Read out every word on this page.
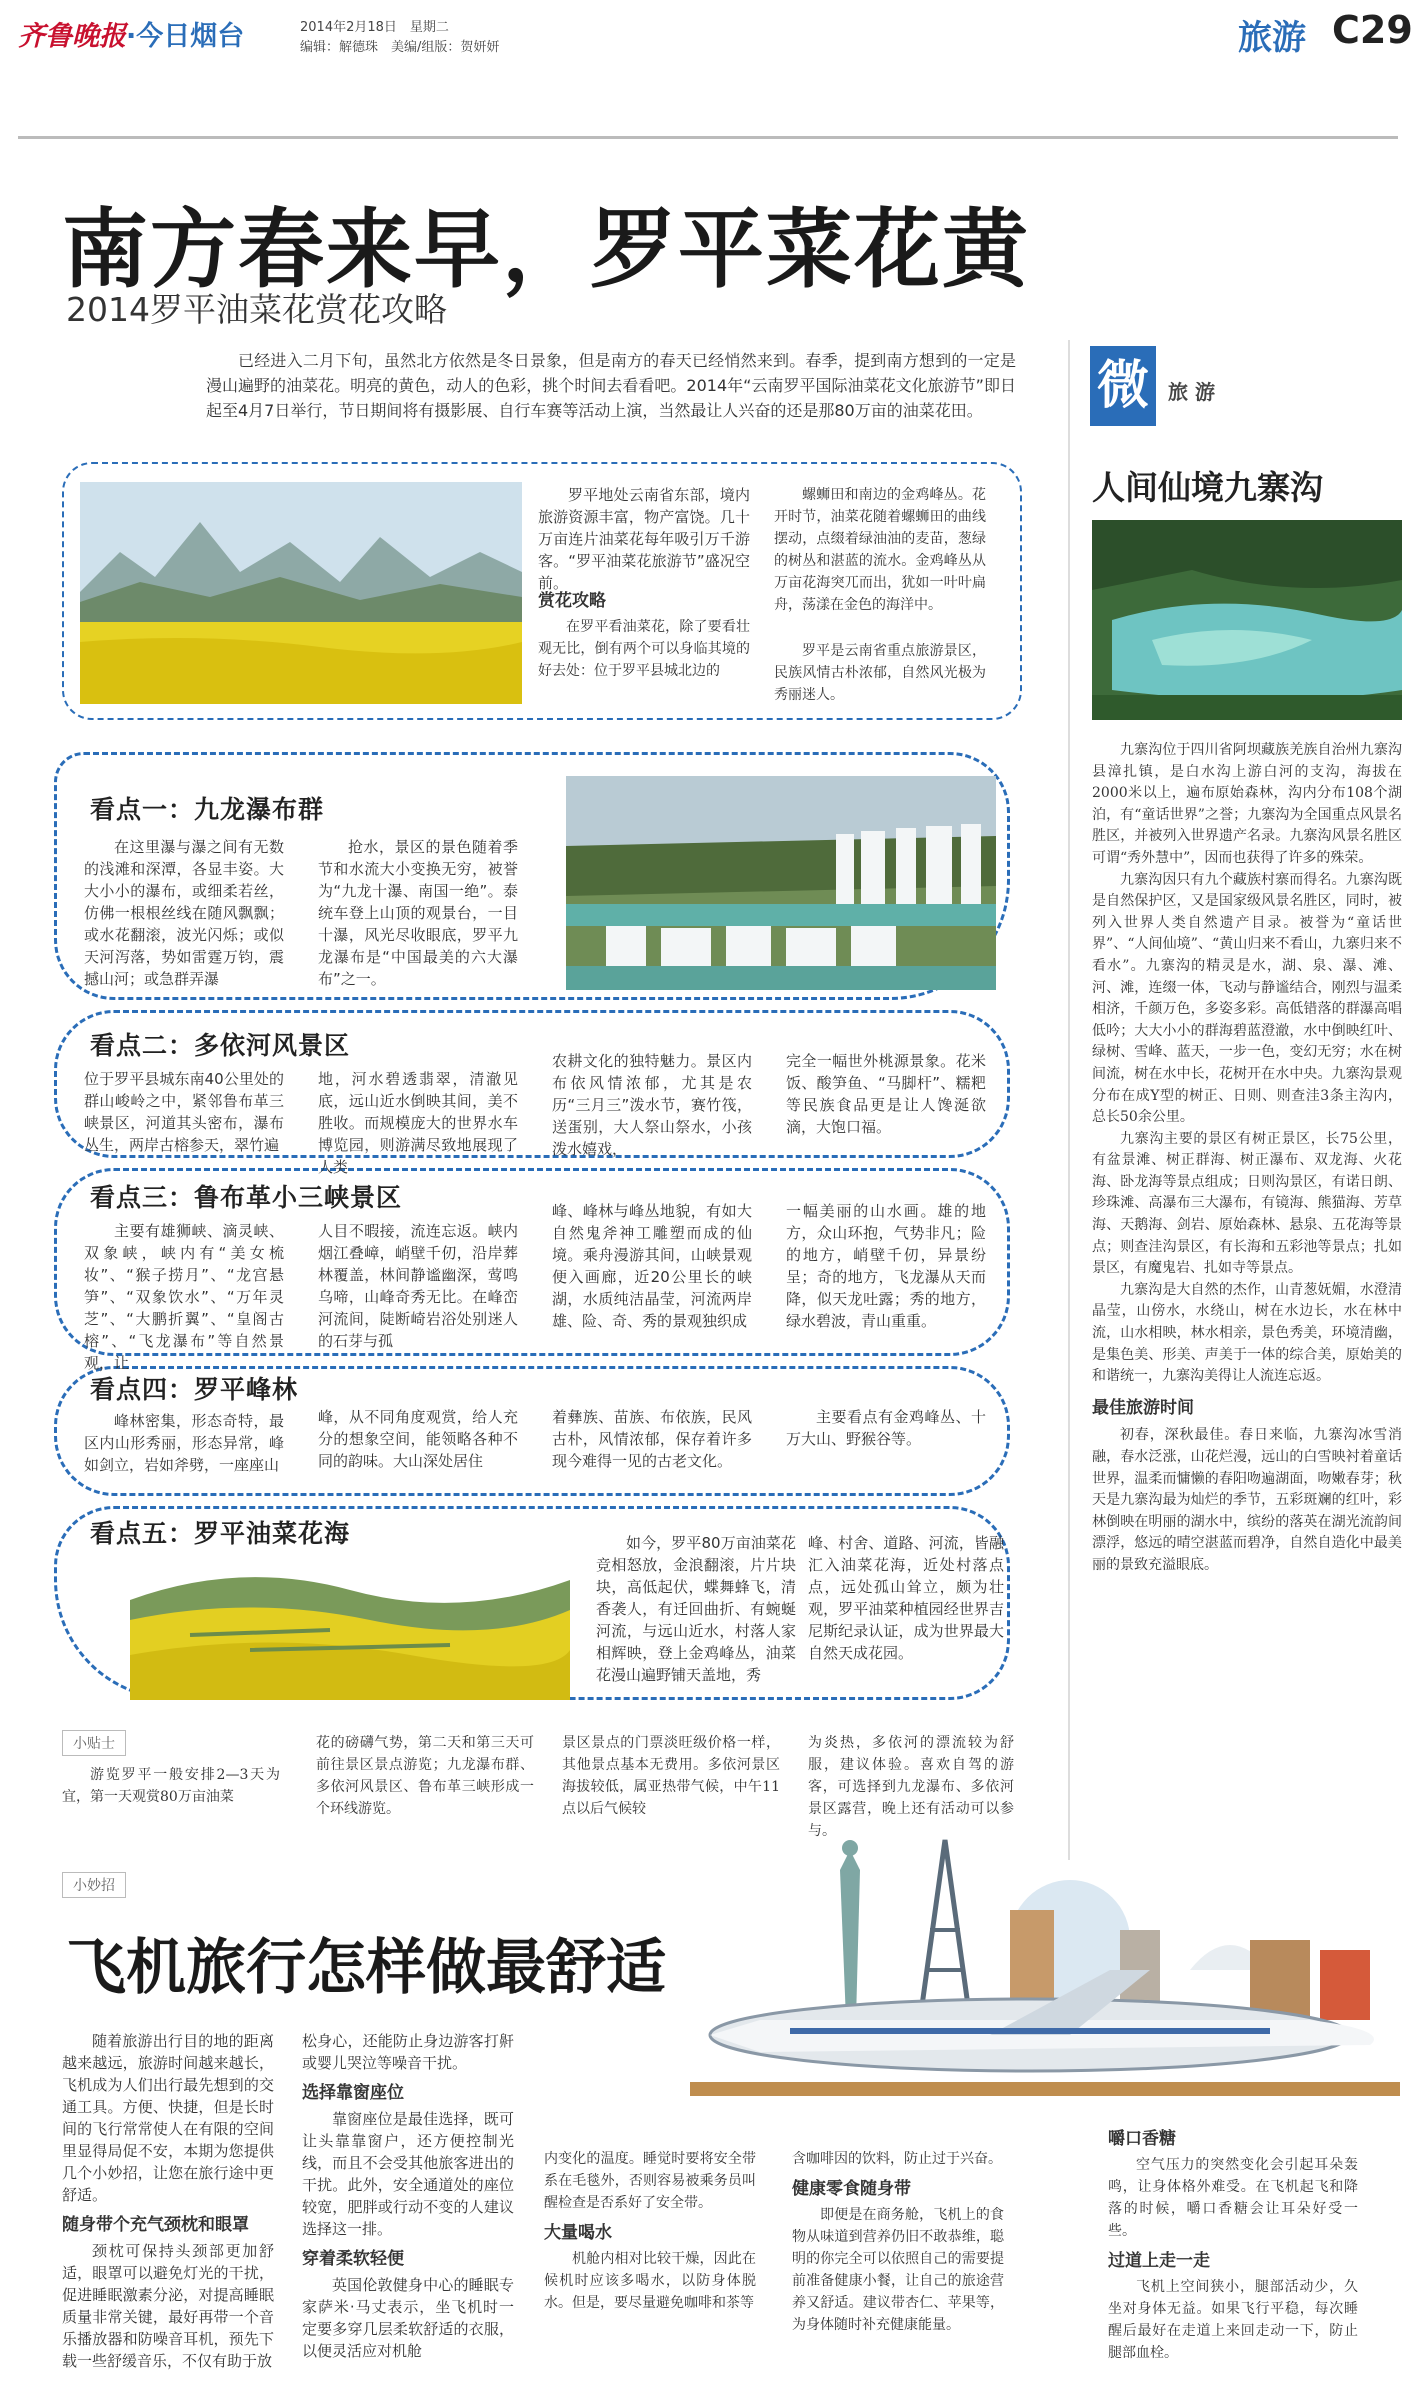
齐鲁晚报·今日烟台	2014年2月18日　星期二
编辑：解德珠　美编/组版：贺妍妍	旅游 C29
南方春来早，罗平菜花黄
2014罗平油菜花赏花攻略

已经进入二月下旬，虽然北方依然是冬日景象，但是南方的春天已经悄然来到。春季，提到南方想到的一定是漫山遍野的油菜花。明亮的黄色，动人的色彩，挑个时间去看看吧。2014年“云南罗平国际油菜花文化旅游节”即日起至4月7日举行，节日期间将有摄影展、自行车赛等活动上演，当然最让人兴奋的还是那80万亩的油菜花田。

罗平地处云南省东部，境内旅游资源丰富，物产富饶。几十万亩连片油菜花每年吸引万千游客。“罗平油菜花旅游节”盛况空前。

赏花攻略

在罗平看油菜花，除了要看壮观无比，倒有两个可以身临其境的好去处：位于罗平县城北边的

螺蛳田和南边的金鸡峰丛。花开时节，油菜花随着螺蛳田的曲线摆动，点缀着绿油油的麦苗，葱绿的树丛和湛蓝的流水。金鸡峰丛从万亩花海突兀而出，犹如一叶叶扁舟，荡漾在金色的海洋中。

罗平是云南省重点旅游景区，民族风情古朴浓郁，自然风光极为秀丽迷人。

看点一：九龙瀑布群

在这里瀑与瀑之间有无数的浅滩和深潭，各显丰姿。大大小小的瀑布，或细柔若丝，仿佛一根根丝线在随风飘飘；或水花翻滚，波光闪烁；或似天河泻落，势如雷霆万钧，震撼山河；或急群弄瀑

抢水，景区的景色随着季节和水流大小变换无穷，被誉为“九龙十瀑、南国一绝”。泰统车登上山顶的观景台，一目十瀑，风光尽收眼底，罗平九龙瀑布是“中国最美的六大瀑布”之一。

看点二：多依河风景区

位于罗平县城东南40公里处的群山峻岭之中，紧邻鲁布革三峡景区，河道其头密布，瀑布丛生，两岸古榕参天，翠竹遍

地，河水碧透翡翠，清澈见底，远山近水倒映其间，美不胜收。而规模庞大的世界水车博览园，则游满尽致地展现了人类

农耕文化的独特魅力。景区内布依风情浓郁，尤其是农历“三月三”泼水节，赛竹筏，送蛋别，大人祭山祭水，小孩泼水嬉戏，

完全一幅世外桃源景象。花米饭、酸笋鱼、“马脚杆”、糯粑等民族食品更是让人馋涎欲滴，大饱口福。

看点三：鲁布革小三峡景区

主要有雄狮峡、滴灵峡、双象峡，峡内有“美女梳妆”、“猴子捞月”、“龙宫悬笋”、“双象饮水”、“万年灵芝”、“大鹏折翼”、“皇阁古榕”、“飞龙瀑布”等自然景观，让

人目不暇接，流连忘返。峡内烟江叠嶂，峭壁千仞，沿岸葬林覆盖，林间静谧幽深，莺鸣乌啼，山峰奇秀无比。在峰峦河流间，陡断崎岩浴处别迷人的石芽与孤

峰、峰林与峰丛地貌，有如大自然鬼斧神工雕塑而成的仙境。乘舟漫游其间，山峡景观便入画廊，近20公里长的峡湖，水质纯洁晶莹，河流两岸雄、险、奇、秀的景观独织成

一幅美丽的山水画。雄的地方，众山环抱，气势非凡；险的地方，峭壁千仞，异景纷呈；奇的地方，飞龙瀑从天而降，似天龙吐露；秀的地方，绿水碧波，青山重重。

看点四：罗平峰林

峰林密集，形态奇特，最区内山形秀丽，形态异常，峰如剑立，岩如斧劈，一座座山

峰，从不同角度观赏，给人充分的想象空间，能领略各种不同的韵味。大山深处居住

着彝族、苗族、布依族，民风古朴，风情浓郁，保存着许多现今难得一见的古老文化。

主要看点有金鸡峰丛、十万大山、野猴谷等。

看点五：罗平油菜花海	如今，罗平80万亩油菜花竞相怒放，金浪翻滚，片片块块，高低起伏，蝶舞蜂飞，清香袭人，有迁回曲折、有蜿蜒河流，与远山近水，村落人家相辉映，登上金鸡峰丛，油菜花漫山遍野铺天盖地，秀

峰、村舍、道路、河流，皆融汇入油菜花海，近处村落点点，远处孤山耸立，颇为壮观，罗平油菜种植园经世界吉尼斯纪录认证，成为世界最大自然天成花园。

小贴士

游览罗平一般安排2—3天为宜，第一天观赏80万亩油菜

花的磅礴气势，第二天和第三天可前往景区景点游览；九龙瀑布群、多依河风景区、鲁布革三峡形成一个环线游览。

景区景点的门票淡旺级价格一样，其他景点基本无费用。多依河景区海拔较低，属亚热带气候，中午11点以后气候较

为炎热，多依河的漂流较为舒服，建议体验。喜欢自驾的游客，可选择到九龙瀑布、多依河景区露营，晚上还有活动可以参与。

微 旅 游
人间仙境九寨沟

九寨沟位于四川省阿坝藏族羌族自治州九寨沟县漳扎镇，是白水沟上游白河的支沟，海拔在2000米以上，遍布原始森林，沟内分布108个湖泊，有“童话世界”之誉；九寨沟为全国重点风景名胜区，并被列入世界遗产名录。九寨沟风景名胜区可谓“秀外慧中”，因而也获得了许多的殊荣。

九寨沟因只有九个藏族村寨而得名。九寨沟既是自然保护区，又是国家级风景名胜区，同时，被列入世界人类自然遗产目录。被誉为“童话世界”、“人间仙境”、“黄山归来不看山，九寨归来不看水”。九寨沟的精灵是水，湖、泉、瀑、滩、河、滩，连缀一体，飞动与静谧结合，刚烈与温柔相济，千颜万色，多姿多彩。高低错落的群瀑高唱低吟；大大小小的群海碧蓝澄澈，水中倒映红叶、绿树、雪峰、蓝天，一步一色，变幻无穷；水在树间流，树在水中长，花树开在水中央。九寨沟景观分布在成Y型的树正、日则、则查洼3条主沟内，总长50余公里。

九寨沟主要的景区有树正景区，长75公里，有盆景滩、树正群海、树正瀑布、双龙海、火花海、卧龙海等景点组成；日则沟景区，有诺日朗、珍珠滩、高瀑布三大瀑布，有镜海、熊猫海、芳草海、天鹅海、剑岩、原始森林、悬泉、五花海等景点；则查洼沟景区，有长海和五彩池等景点；扎如景区，有魔鬼岩、扎如寺等景点。

九寨沟是大自然的杰作，山青葱妩媚，水澄清晶莹，山傍水，水绕山，树在水边长，水在林中流，山水相映，林水相亲，景色秀美，环境清幽，是集色美、形美、声美于一体的综合美，原始美的和谐统一，九寨沟美得让人流连忘返。

最佳旅游时间

初春，深秋最佳。春日来临，九寨沟冰雪消融，春水泛涨，山花烂漫，远山的白雪映衬着童话世界，温柔而慵懒的春阳吻遍湖面，吻嫩春芽；秋天是九寨沟最为灿烂的季节，五彩斑斓的红叶，彩林倒映在明丽的湖水中，缤纷的落英在湖光流韵间漂浮，悠远的晴空湛蓝而碧净，自然自造化中最美丽的景致充溢眼底。

小妙招
飞机旅行怎样做最舒适

随着旅游出行目的地的距离越来越远，旅游时间越来越长，飞机成为人们出行最先想到的交通工具。方便、快捷，但是长时间的飞行常常使人在有限的空间里显得局促不安，本期为您提供几个小妙招，让您在旅行途中更舒适。

随身带个充气颈枕和眼罩

颈枕可保持头颈部更加舒适，眼罩可以避免灯光的干扰，促进睡眠激素分泌，对提高睡眠质量非常关键，最好再带一个音乐播放器和防噪音耳机，预先下载一些舒缓音乐，不仅有助于放

松身心，还能防止身边游客打鼾或婴儿哭泣等噪音干扰。

选择靠窗座位

靠窗座位是最佳选择，既可让头靠靠窗户，还方便控制光线，而且不会受其他旅客进出的干扰。此外，安全通道处的座位较宽，肥胖或行动不变的人建议选择这一排。

穿着柔软轻便

英国伦敦健身中心的睡眠专家萨米·马丈表示，坐飞机时一定要多穿几层柔软舒适的衣服，以便灵活应对机舱

内变化的温度。睡觉时要将安全带系在毛毯外，否则容易被乘务员叫醒检查是否系好了安全带。

大量喝水

机舱内相对比较干燥，因此在候机时应该多喝水，以防身体脱水。但是，要尽量避免咖啡和茶等

含咖啡因的饮料，防止过于兴奋。

健康零食随身带

即便是在商务舱，飞机上的食物从味道到营养仍旧不敢恭维，聪明的你完全可以依照自己的需要提前准备健康小餐，让自己的旅途营养又舒适。建议带杏仁、苹果等，为身体随时补充健康能量。

嚼口香糖

空气压力的突然变化会引起耳朵轰鸣，让身体格外难受。在飞机起飞和降落的时候，嚼口香糖会让耳朵好受一些。

过道上走一走

飞机上空间狭小，腿部活动少，久坐对身体无益。如果飞行平稳，每次睡醒后最好在走道上来回走动一下，防止腿部血栓。
